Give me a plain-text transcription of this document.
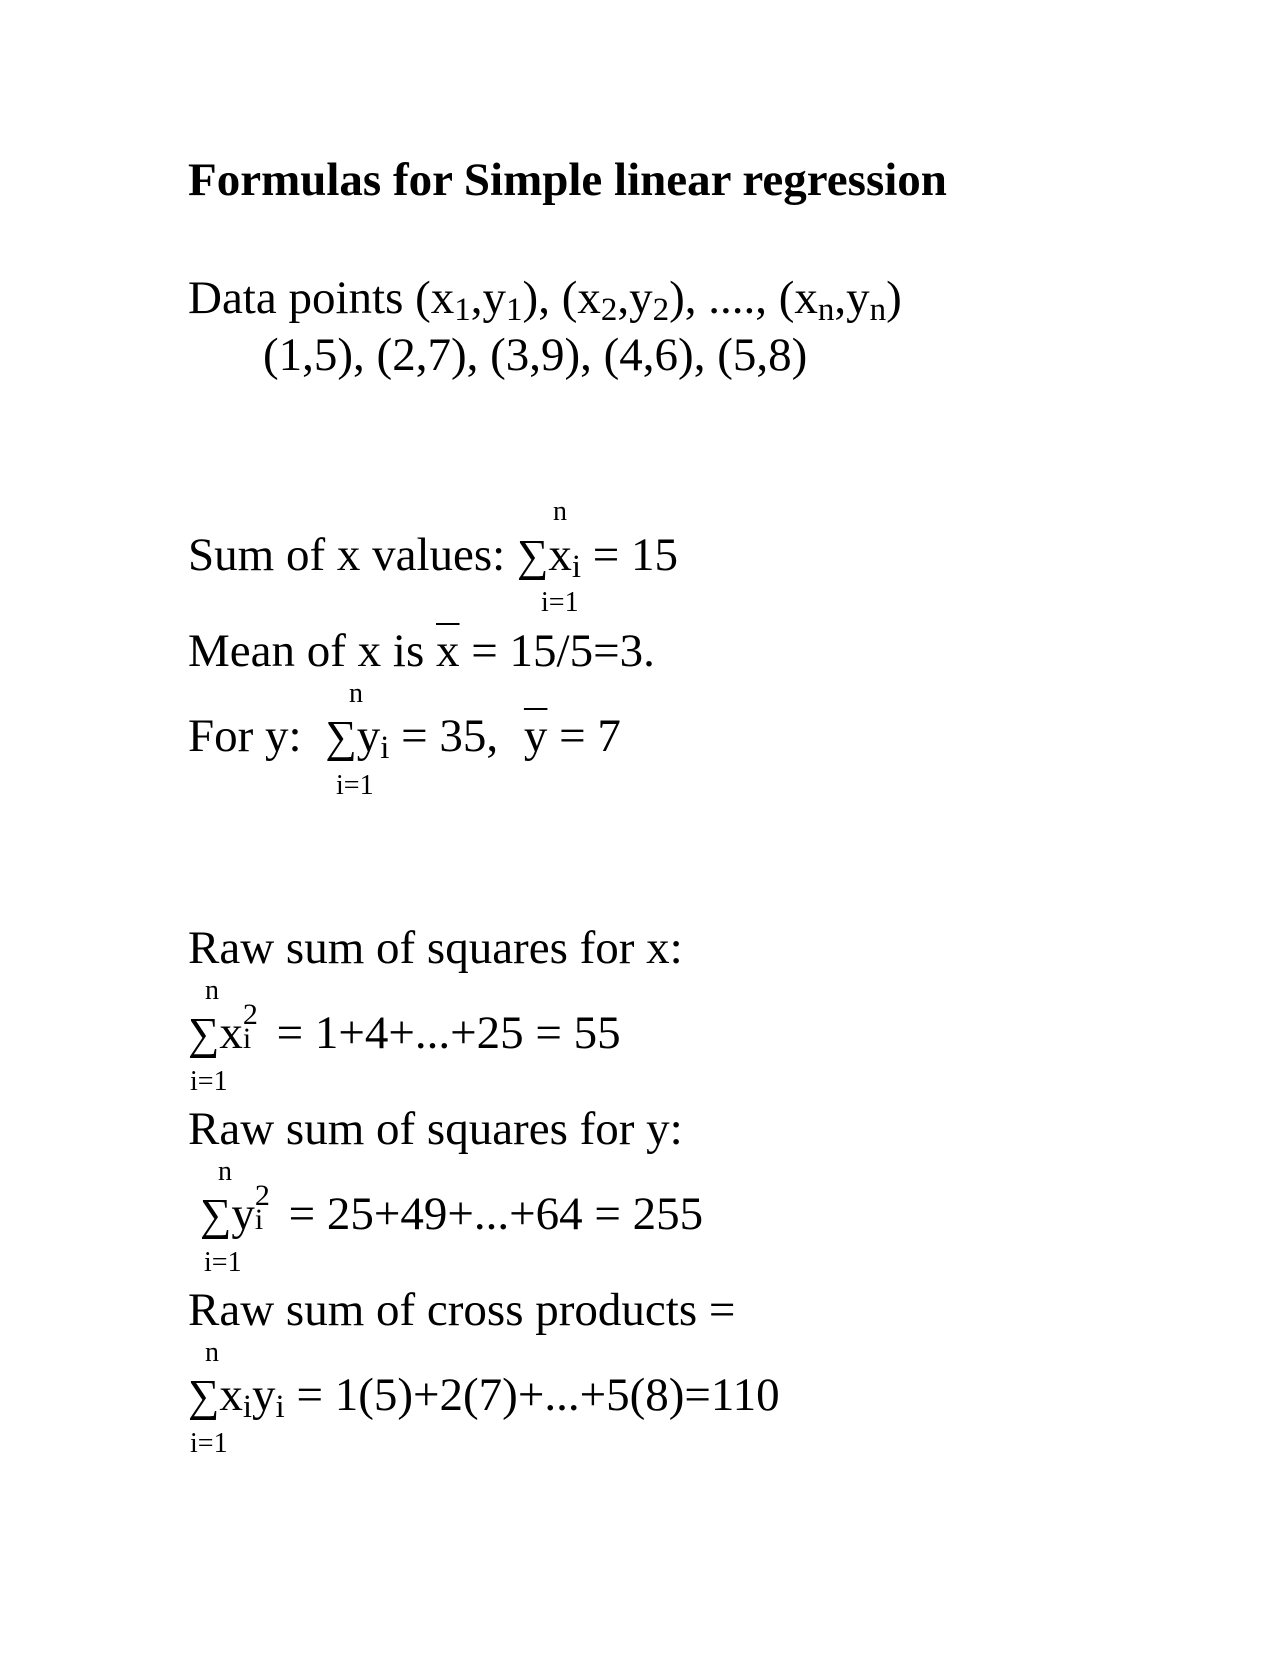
Formulas for Simple linear regression
Data points $(x_1,y_1)$, $(x_2,y_2)$, ...., $(x_n,y_n)$
(1,5), (2,7), (3,9), (4,6), (5,8)
n
Sum of x values: $\sum x_i = 15$
i=1
Mean of x is $\overline{x} = 15/5=3$.
n
For y: $\sum y_i = 35$, $\overline{y} = 7$
i=1
Raw sum of squares for x:
n
∑x 2
i = 1+4+...+25 = 55
i=1
Raw sum of squares for y:
n
∑y 2
i = 25+49+...+64 = 255
i=1
Raw sum of cross products =
n
$\sum x_iy_i = 1(5)+2(7)+...+5(8)=110$
i=1
